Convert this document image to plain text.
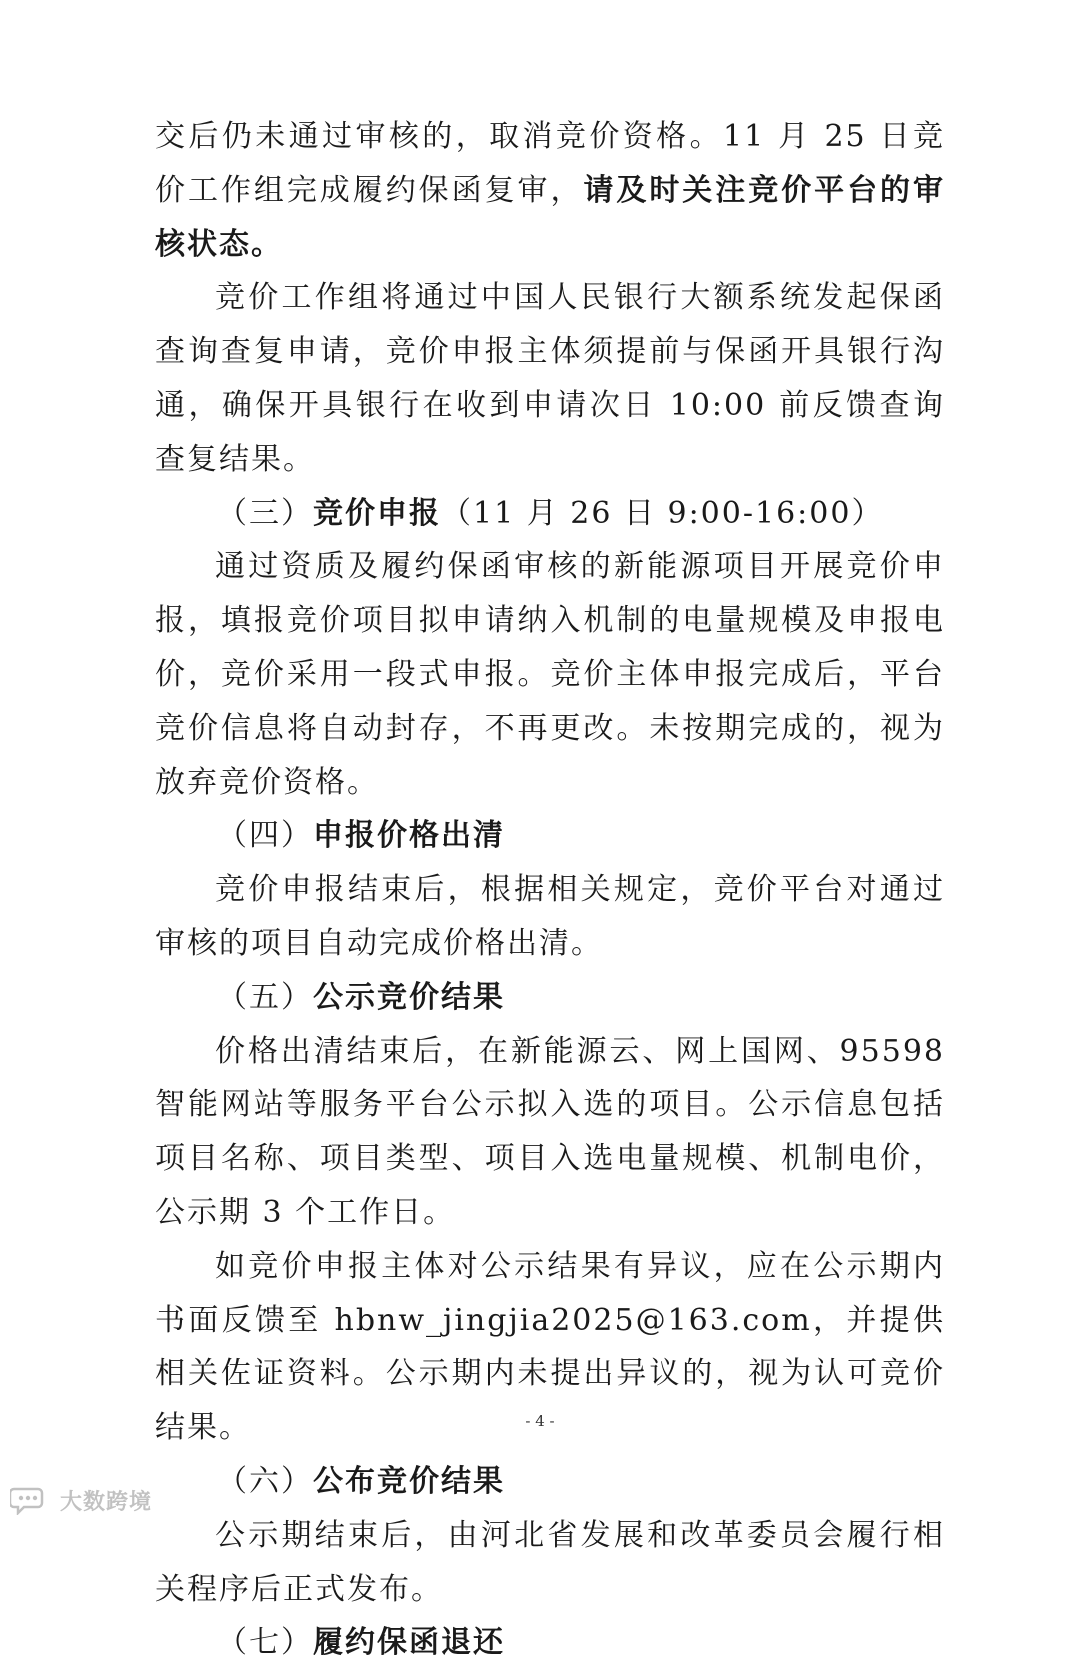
交后仍未通过审核的，取消竞价资格。11 月 25 日竞价工作组完成履约保函复审，请及时关注竞价平台的审核状态。

竞价工作组将通过中国人民银行大额系统发起保函查询查复申请，竞价申报主体须提前与保函开具银行沟通，确保开具银行在收到申请次日 10:00 前反馈查询查复结果。

（三）竞价申报（11 月 26 日 9:00-16:00）

通过资质及履约保函审核的新能源项目开展竞价申报，填报竞价项目拟申请纳入机制的电量规模及申报电价，竞价采用一段式申报。竞价主体申报完成后，平台竞价信息将自动封存，不再更改。未按期完成的，视为放弃竞价资格。

（四）申报价格出清

竞价申报结束后，根据相关规定，竞价平台对通过审核的项目自动完成价格出清。

（五）公示竞价结果

价格出清结束后，在新能源云、网上国网、95598 智能网站等服务平台公示拟入选的项目。公示信息包括项目名称、项目类型、项目入选电量规模、机制电价，公示期 3 个工作日。

如竞价申报主体对公示结果有异议，应在公示期内书面反馈至 hbnw_jingjia2025@163.com，并提供相关佐证资料。公示期内未提出异议的，视为认可竞价结果。

（六）公布竞价结果

公示期结束后，由河北省发展和改革委员会履行相关程序后正式发布。

（七）履约保函退还

- 4 -
大数跨境
